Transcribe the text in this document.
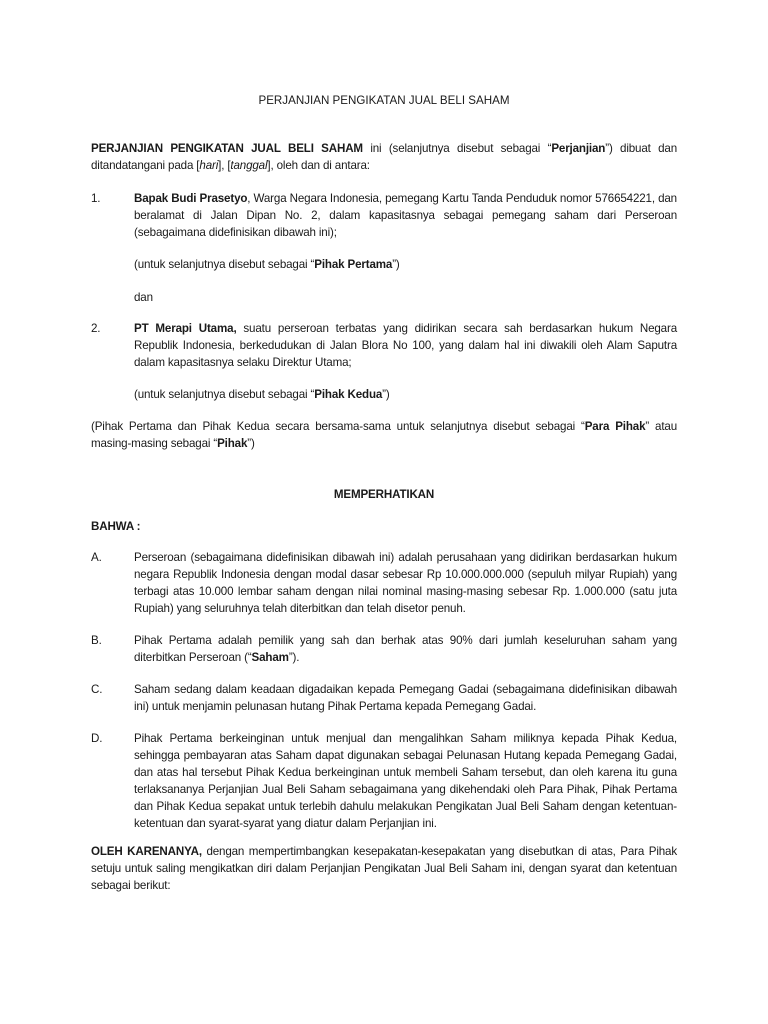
PERJANJIAN PENGIKATAN JUAL BELI SAHAM
PERJANJIAN PENGIKATAN JUAL BELI SAHAM ini (selanjutnya disebut sebagai “Perjanjian”) dibuat dan ditandatangani pada [hari], [tanggal], oleh dan di antara:
1.	Bapak Budi Prasetyo, Warga Negara Indonesia, pemegang Kartu Tanda Penduduk nomor 576654221, dan beralamat di Jalan Dipan No. 2, dalam kapasitasnya sebagai pemegang saham dari Perseroan (sebagaimana didefinisikan dibawah ini);
(untuk selanjutnya disebut sebagai “Pihak Pertama”)
dan
2.	PT Merapi Utama, suatu perseroan terbatas yang didirikan secara sah berdasarkan hukum Negara Republik Indonesia, berkedudukan di Jalan Blora No 100, yang dalam hal ini diwakili oleh Alam Saputra dalam kapasitasnya selaku Direktur Utama;
(untuk selanjutnya disebut sebagai “Pihak Kedua”)
(Pihak Pertama dan Pihak Kedua secara bersama-sama untuk selanjutnya disebut sebagai “Para Pihak” atau masing-masing sebagai “Pihak”)
MEMPERHATIKAN
BAHWA :
A.	Perseroan (sebagaimana didefinisikan dibawah ini) adalah perusahaan yang didirikan berdasarkan hukum negara Republik Indonesia dengan modal dasar sebesar Rp 10.000.000.000 (sepuluh milyar Rupiah) yang terbagi atas 10.000 lembar saham dengan nilai nominal masing-masing sebesar Rp. 1.000.000 (satu juta Rupiah) yang seluruhnya telah diterbitkan dan telah disetor penuh.
B.	Pihak Pertama adalah pemilik yang sah dan berhak atas 90% dari jumlah keseluruhan saham yang diterbitkan Perseroan (“Saham”).
C.	Saham sedang dalam keadaan digadaikan kepada Pemegang Gadai (sebagaimana didefinisikan dibawah ini) untuk menjamin pelunasan hutang Pihak Pertama kepada Pemegang Gadai.
D.	Pihak Pertama berkeinginan untuk menjual dan mengalihkan Saham miliknya kepada Pihak Kedua, sehingga pembayaran atas Saham dapat digunakan sebagai Pelunasan Hutang kepada Pemegang Gadai, dan atas hal tersebut Pihak Kedua berkeinginan untuk membeli Saham tersebut, dan oleh karena itu guna terlaksananya Perjanjian Jual Beli Saham sebagaimana yang dikehendaki oleh Para Pihak, Pihak Pertama dan Pihak Kedua sepakat untuk terlebih dahulu melakukan Pengikatan Jual Beli Saham dengan ketentuan-ketentuan dan syarat-syarat yang diatur dalam Perjanjian ini.
OLEH KARENANYA, dengan mempertimbangkan kesepakatan-kesepakatan yang disebutkan di atas, Para Pihak setuju untuk saling mengikatkan diri dalam Perjanjian Pengikatan Jual Beli Saham ini, dengan syarat dan ketentuan sebagai berikut:
